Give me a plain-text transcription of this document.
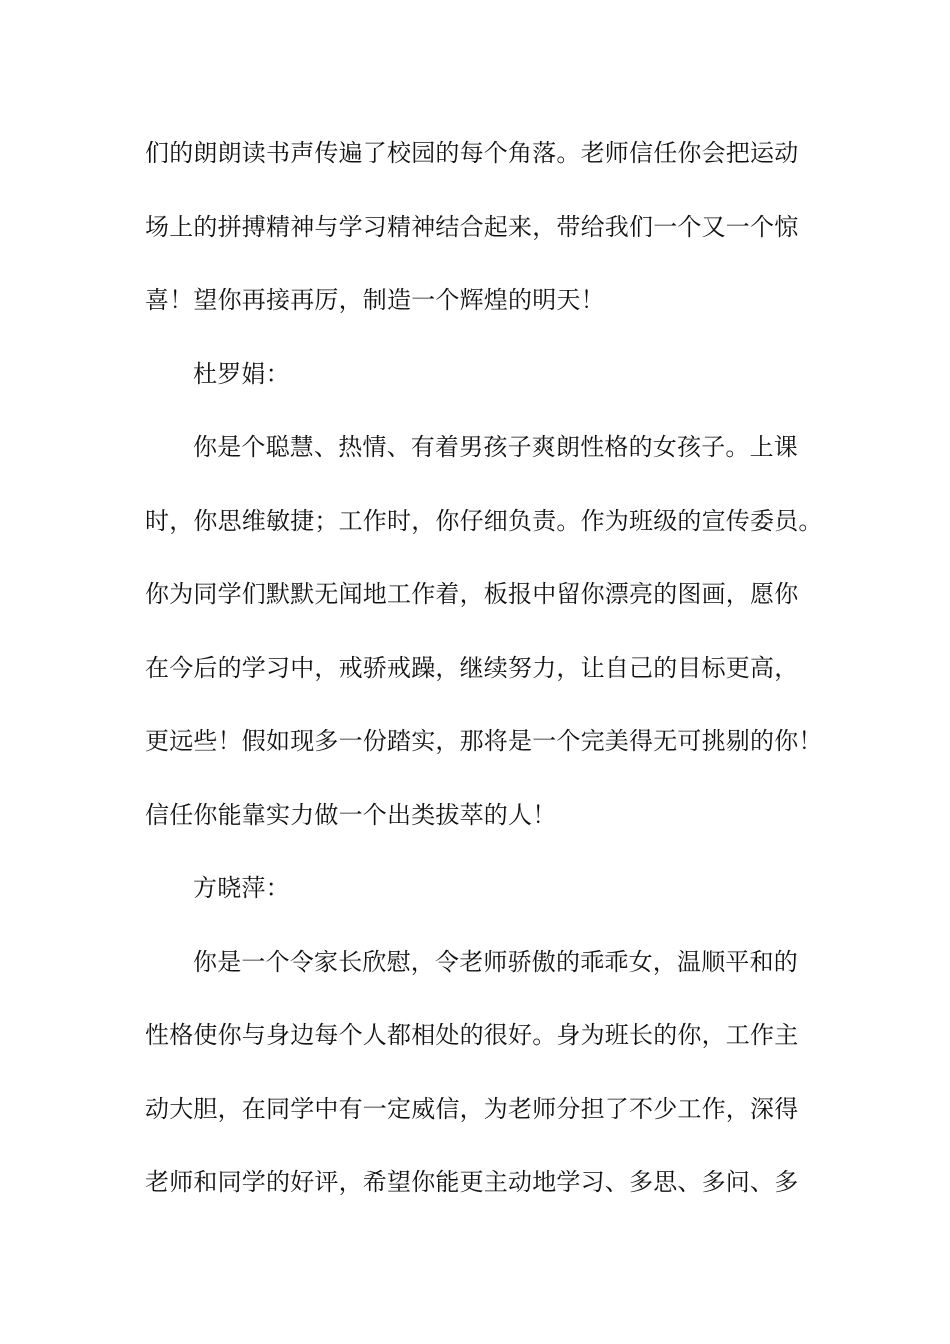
们的朗朗读书声传遍了校园的每个角落。老师信任你会把运动
场上的拼搏精神与学习精神结合起来，带给我们一个又一个惊
喜！望你再接再厉，制造一个辉煌的明天！
杜罗娟：
你是个聪慧、热情、有着男孩子爽朗性格的女孩子。上课
时，你思维敏捷；工作时，你仔细负责。作为班级的宣传委员。
你为同学们默默无闻地工作着，板报中留你漂亮的图画，愿你
在今后的学习中，戒骄戒躁，继续努力，让自己的目标更高，
更远些！假如现多一份踏实，那将是一个完美得无可挑剔的你！
信任你能靠实力做一个出类拔萃的人！
方晓萍：
你是一个令家长欣慰，令老师骄傲的乖乖女，温顺平和的
性格使你与身边每个人都相处的很好。身为班长的你，工作主
动大胆，在同学中有一定威信，为老师分担了不少工作，深得
老师和同学的好评，希望你能更主动地学习、多思、多问、多
